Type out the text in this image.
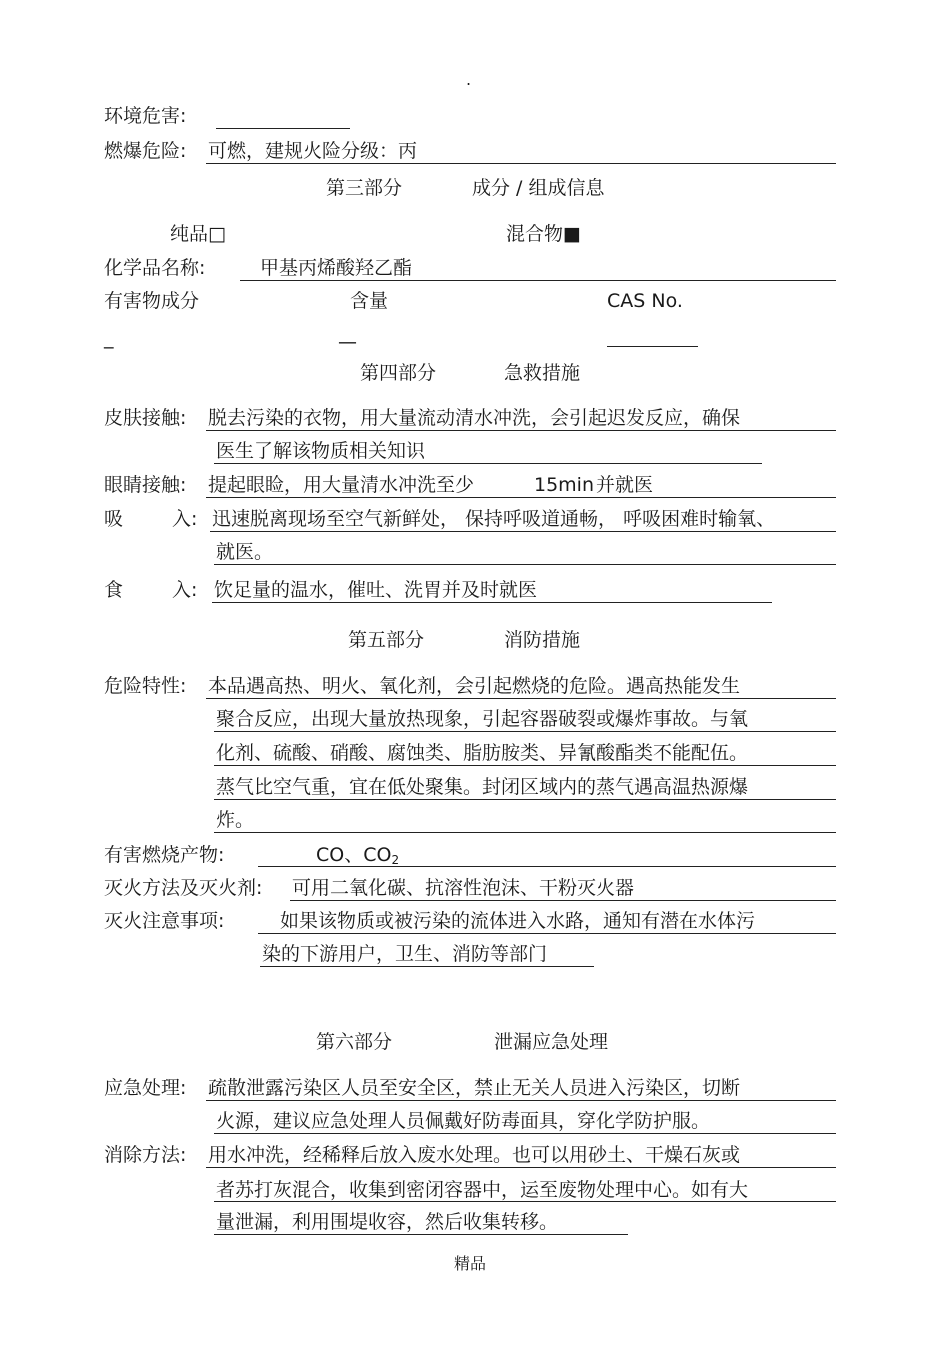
.
环境危害:
燃爆危险: 可燃，建规火险分级：丙
第三部分	成分 / 组成信息
纯品□	混合物■
化学品名称:	甲基丙烯酸羟乙酯
有害物成分	含量	CAS No.
_	—
第四部分	急救措施
皮肤接触: 脱去污染的衣物，用大量流动清水冲洗，会引起迟发反应，确保
医生了解该物质相关知识
眼睛接触: 提起眼睑，用大量清水冲洗至少	15min 并就医
吸	入: 迅速脱离现场至空气新鲜处， 保持呼吸道通畅， 呼吸困难时输氧、
就医。
食	入: 饮足量的温水，催吐、洗胃并及时就医
第五部分	消防措施
危险特性: 本品遇高热、明火、氧化剂，会引起燃烧的危险。遇高热能发生
聚合反应，出现大量放热现象，引起容器破裂或爆炸事故。与氧
化剂、硫酸、硝酸、腐蚀类、脂肪胺类、异氰酸酯类不能配伍。
蒸气比空气重，宜在低处聚集。封闭区域内的蒸气遇高温热源爆
炸。
有害燃烧产物:	CO、$CO_2$
灭火方法及灭火剂: 可用二氧化碳、抗溶性泡沫、干粉灭火器
灭火注意事项:	如果该物质或被污染的流体进入水路，通知有潜在水体污
染的下游用户，卫生、消防等部门
第六部分	泄漏应急处理
应急处理: 疏散泄露污染区人员至安全区，禁止无关人员进入污染区，切断
火源，建议应急处理人员佩戴好防毒面具，穿化学防护服。
消除方法: 用水冲洗，经稀释后放入废水处理。也可以用砂土、干燥石灰或
者苏打灰混合，收集到密闭容器中，运至废物处理中心。如有大
量泄漏，利用围堤收容，然后收集转移。
精品
